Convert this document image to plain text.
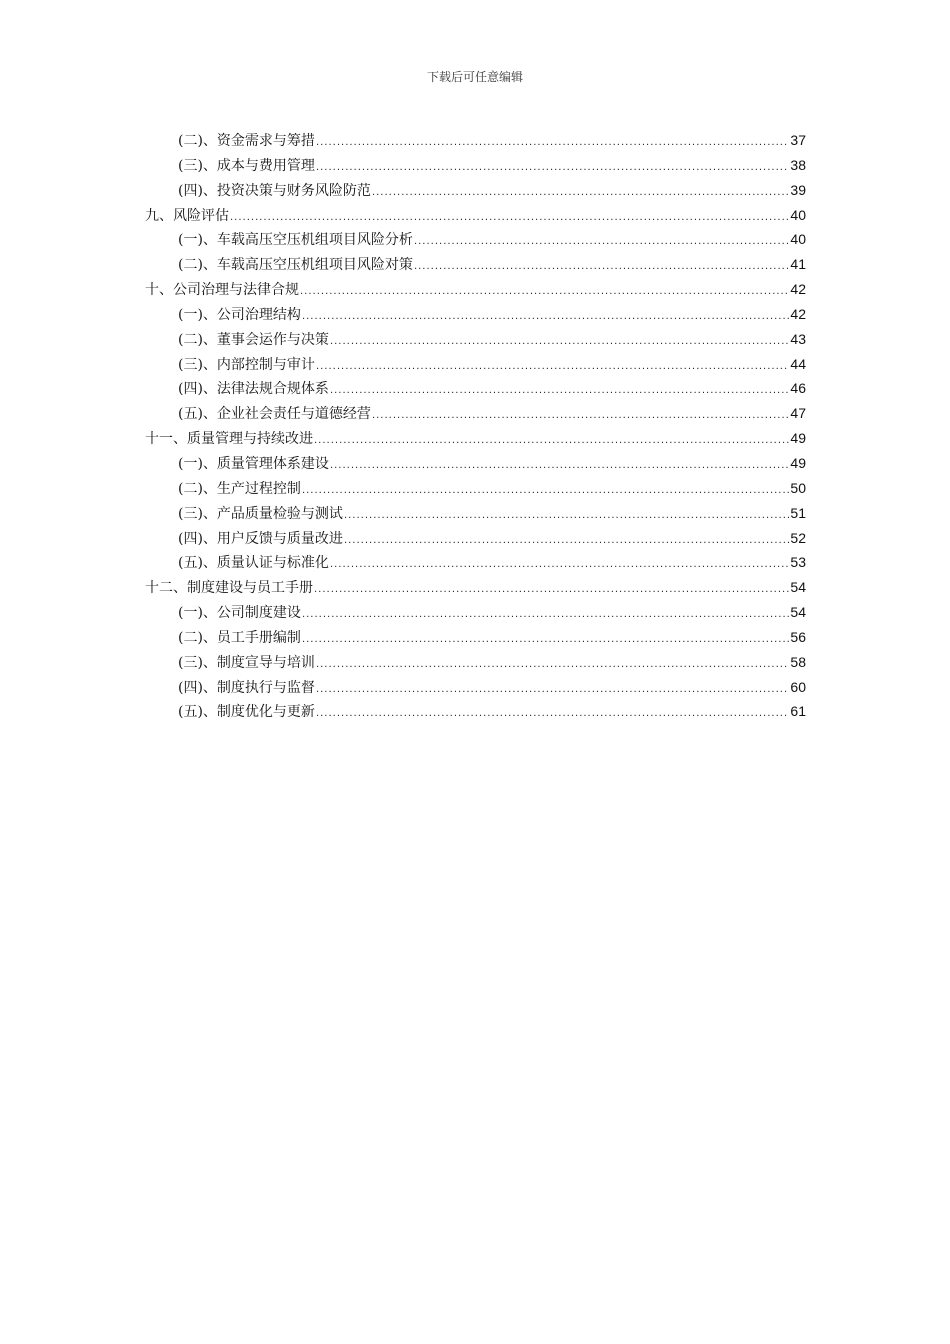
下载后可任意编辑
(二)、资金需求与筹措 .....	37
(三)、成本与费用管理 .....	38
(四)、投资决策与财务风险防范 .....	39
九、风险评估 .....	40
(一)、车载高压空压机组项目风险分析 .....	40
(二)、车载高压空压机组项目风险对策 .....	41
十、公司治理与法律合规 .....	42
(一)、公司治理结构 .....	42
(二)、董事会运作与决策 .....	43
(三)、内部控制与审计 .....	44
(四)、法律法规合规体系 .....	46
(五)、企业社会责任与道德经营 .....	47
十一、质量管理与持续改进 .....	49
(一)、质量管理体系建设 .....	49
(二)、生产过程控制 .....	50
(三)、产品质量检验与测试 .....	51
(四)、用户反馈与质量改进 .....	52
(五)、质量认证与标准化 .....	53
十二、制度建设与员工手册 .....	54
(一)、公司制度建设 .....	54
(二)、员工手册编制 .....	56
(三)、制度宣导与培训 .....	58
(四)、制度执行与监督 .....	60
(五)、制度优化与更新 .....	61
